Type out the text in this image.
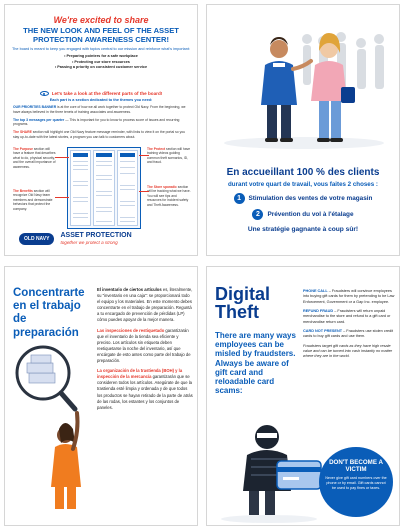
We're excited to share
THE NEW LOOK AND FEEL OF THE ASSET
PROTECTION AWARENESS CENTER!
The board is meant to keep you engaged with topics central to our mission and reinforce what's important:
• Preparing pointers for a safe workplace
• Protecting our store resources
• Passing a priority on consistent customer service
Let's take a look at the different parts of the board!
Each part is a section dedicated to the themes you need:

OUR PRIORITIES BANNER is at the core of how we all work together to protect Old Navy. From the beginning, we have always believed in the three tenets of training associates and awareness.

The top 3 messages per quarter — This is important for you to know to process score of issues and recurring programs.

The SHARE section will highlight one Old Navy feature message reminder, with links to view it on the portal so you stay up-to-date with the latest stories, a program you can talk to customers about.

The Purpose section will have a feature that describes what to do, physical security, and the overall importance of awareness.
The Benefits section will recognize Old Navy team members and demonstrate behaviors that protect the company.
The Protect section will have training videos guiding common theft scenarios, ID, and fraud.
The Store sporadic section will be tracking what we have. You will see tips and resources for incident safety and Theft Awareness.
OLD NAVY	ASSET PROTECTION
together we protect a strong
En accueillant 100 % des clients
durant votre quart de travail, vous faites 2 choses :
1	Stimulation des ventes de votre magasin
2	Prévention du vol à l'étalage
Une stratégie gagnante à coup sûr!
Concentrarte en el trabajo de preparación

El inventario de ciertos artículos es, literalmente, su "inventario en una caja": se proporcionará todo el equipo y los materiales. En este momento debes concentrarte en el trabajo de preparación. Reguntá a tu encargado de prevención de pérdidas (LP) cómo puedes apoyar de la mejor manera.

Las inspecciones de restiquetado garantizarán que el inventario de la tienda sea eficiente y preciso. Los artículos sin etiqueta deben reetiquetarse la noche del inventario, así que encárgate de esto antes como parte del trabajo de preparación.

La organización de la trastienda (BOH) y la inspección de la mercancía garantizarán que se consideren todos los artículos. Asegúrate de que la trastienda esté limpia y ordenada y de que todos los productos se hayan retirado de la parte de atrás de las rodas, los estantes y los conjuntos de paneles.

Digital
Theft
There are many ways employees can be misled by fraudsters. Always be aware of gift card and reloadable card scams:

PHONE CALL – Fraudsters will convince employees into buying gift cards for them by pretending to be Law Enforcement, Government or a Gap Inc. employee.

REFUND FRAUD – Fraudsters will return unpaid merchandise to the store and refund to a gift card or merchandise return card.

CARD NOT PRESENT – Fraudsters use stolen credit cards to buy gift cards and use them.

Fraudsters target gift cards as they have high resale value and can be turned into cash instantly no matter where they are in the world.

DON'T BECOME A VICTIM
Never give gift card numbers over the phone or by email. Gift cards cannot be used to pay fines or taxes.
